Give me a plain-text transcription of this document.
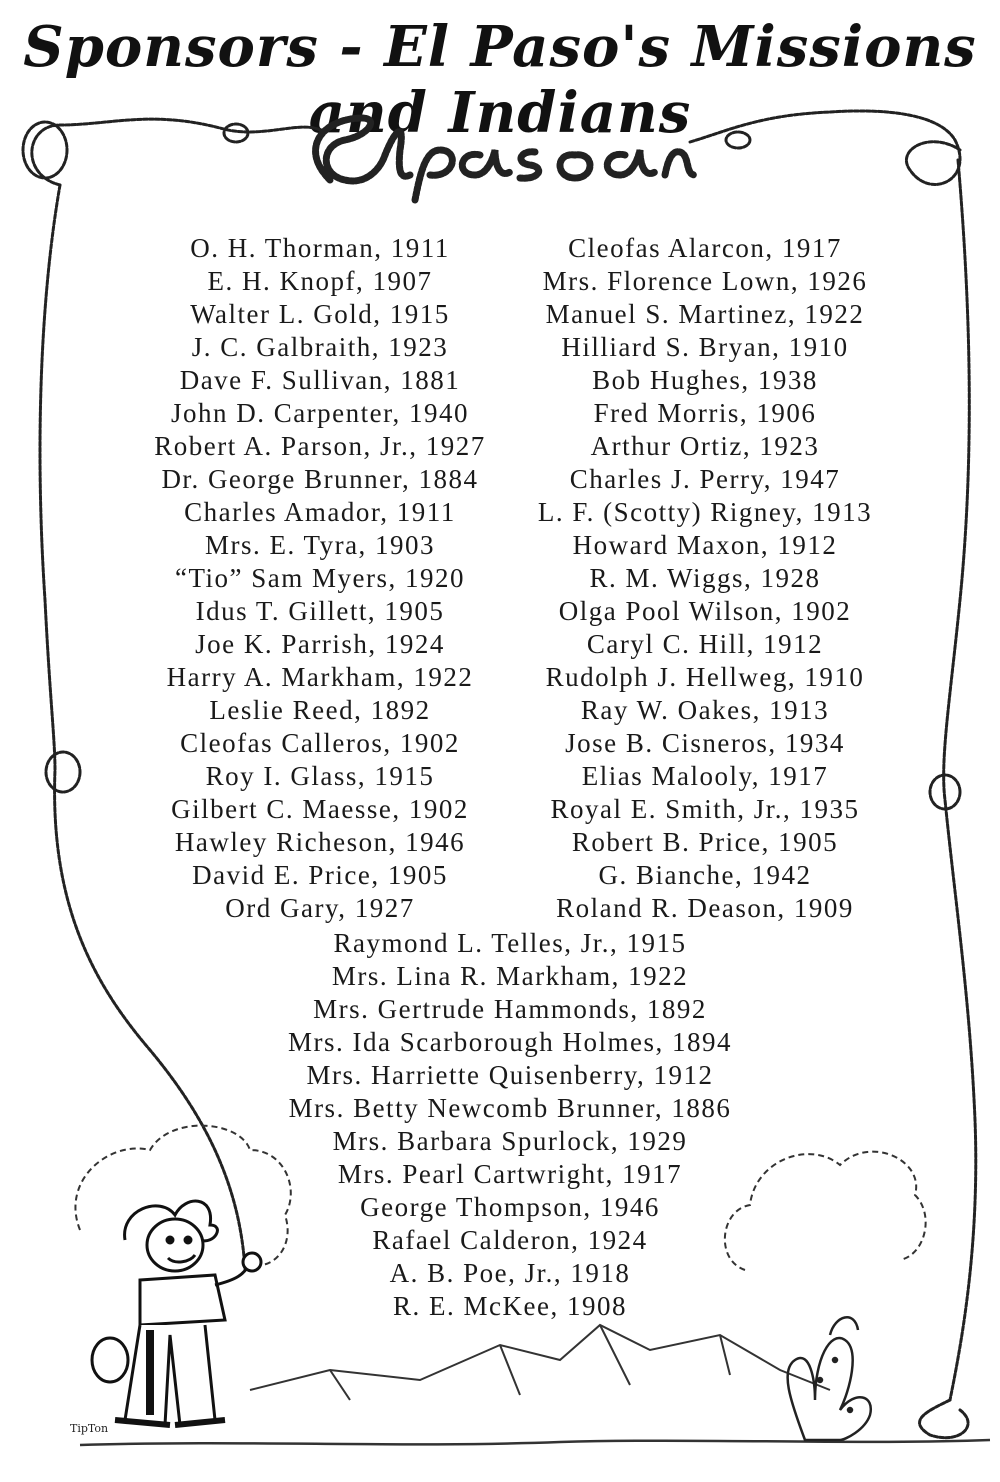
Sponsors - El Paso's Missions and Indians
TipTon
O. H. Thorman, 1911
E. H. Knopf, 1907
Walter L. Gold, 1915
J. C. Galbraith, 1923
Dave F. Sullivan, 1881
John D. Carpenter, 1940
Robert A. Parson, Jr., 1927
Dr. George Brunner, 1884
Charles Amador, 1911
Mrs. E. Tyra, 1903
“Tio” Sam Myers, 1920
Idus T. Gillett, 1905
Joe K. Parrish, 1924
Harry A. Markham, 1922
Leslie Reed, 1892
Cleofas Calleros, 1902
Roy I. Glass, 1915
Gilbert C. Maesse, 1902
Hawley Richeson, 1946
David E. Price, 1905
Ord Gary, 1927
Cleofas Alarcon, 1917
Mrs. Florence Lown, 1926
Manuel S. Martinez, 1922
Hilliard S. Bryan, 1910
Bob Hughes, 1938
Fred Morris, 1906
Arthur Ortiz, 1923
Charles J. Perry, 1947
L. F. (Scotty) Rigney, 1913
Howard Maxon, 1912
R. M. Wiggs, 1928
Olga Pool Wilson, 1902
Caryl C. Hill, 1912
Rudolph J. Hellweg, 1910
Ray W. Oakes, 1913
Jose B. Cisneros, 1934
Elias Malooly, 1917
Royal E. Smith, Jr., 1935
Robert B. Price, 1905
G. Bianche, 1942
Roland R. Deason, 1909
Raymond L. Telles, Jr., 1915
Mrs. Lina R. Markham, 1922
Mrs. Gertrude Hammonds, 1892
Mrs. Ida Scarborough Holmes, 1894
Mrs. Harriette Quisenberry, 1912
Mrs. Betty Newcomb Brunner, 1886
Mrs. Barbara Spurlock, 1929
Mrs. Pearl Cartwright, 1917
George Thompson, 1946
Rafael Calderon, 1924
A. B. Poe, Jr., 1918
R. E. McKee, 1908
